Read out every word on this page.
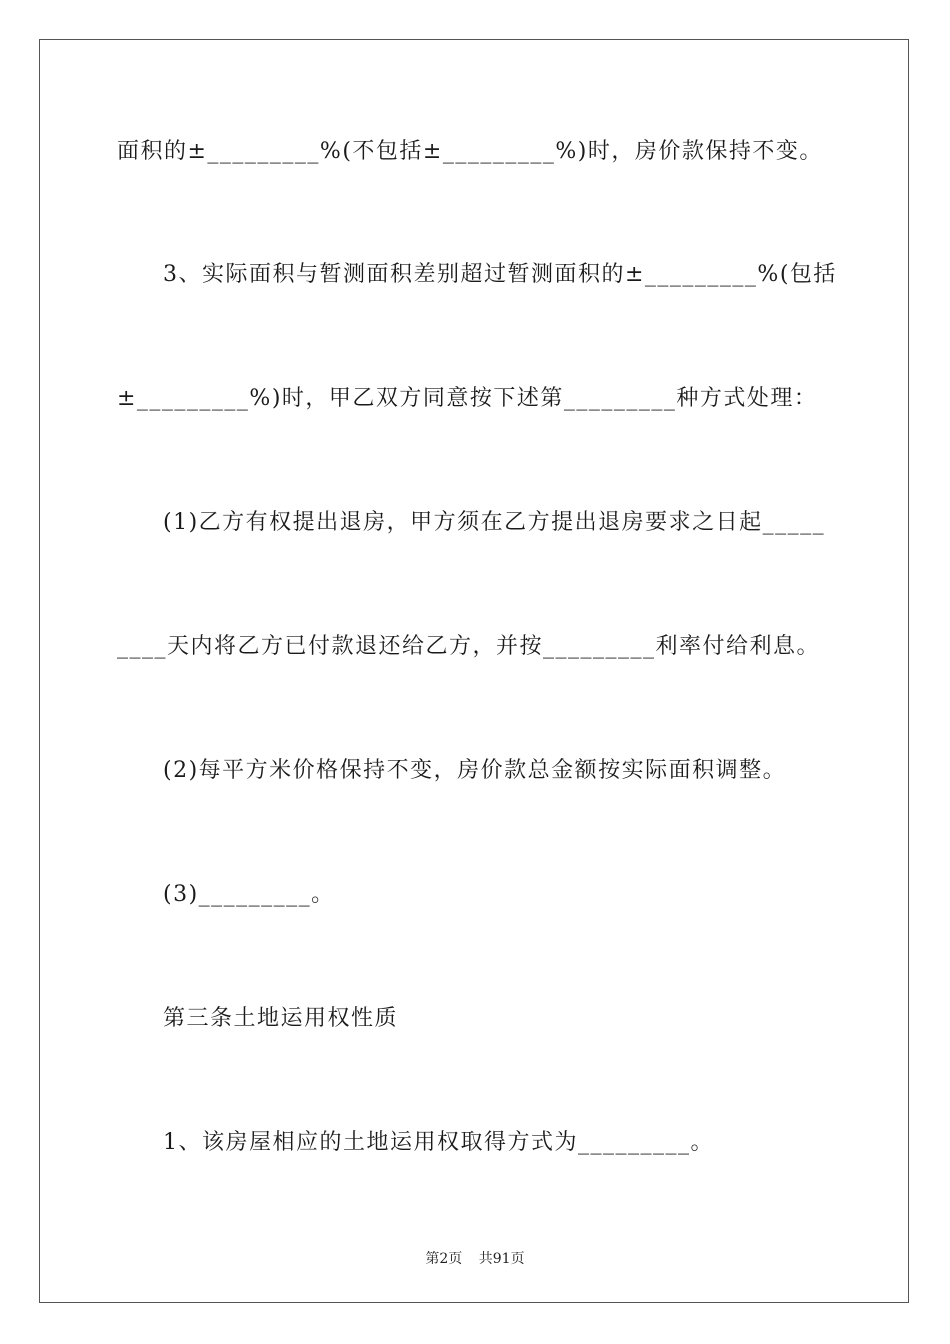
面积的±_________%(不包括±_________%)时，房价款保持不变。
3、实际面积与暂测面积差别超过暂测面积的±_________%(包括
±_________%)时，甲乙双方同意按下述第_________种方式处理：
(1)乙方有权提出退房，甲方须在乙方提出退房要求之日起_____
____天内将乙方已付款退还给乙方，并按_________利率付给利息。
(2)每平方米价格保持不变，房价款总金额按实际面积调整。
(3)_________。
第三条土地运用权性质
1、该房屋相应的土地运用权取得方式为_________。
第2页 共91页
